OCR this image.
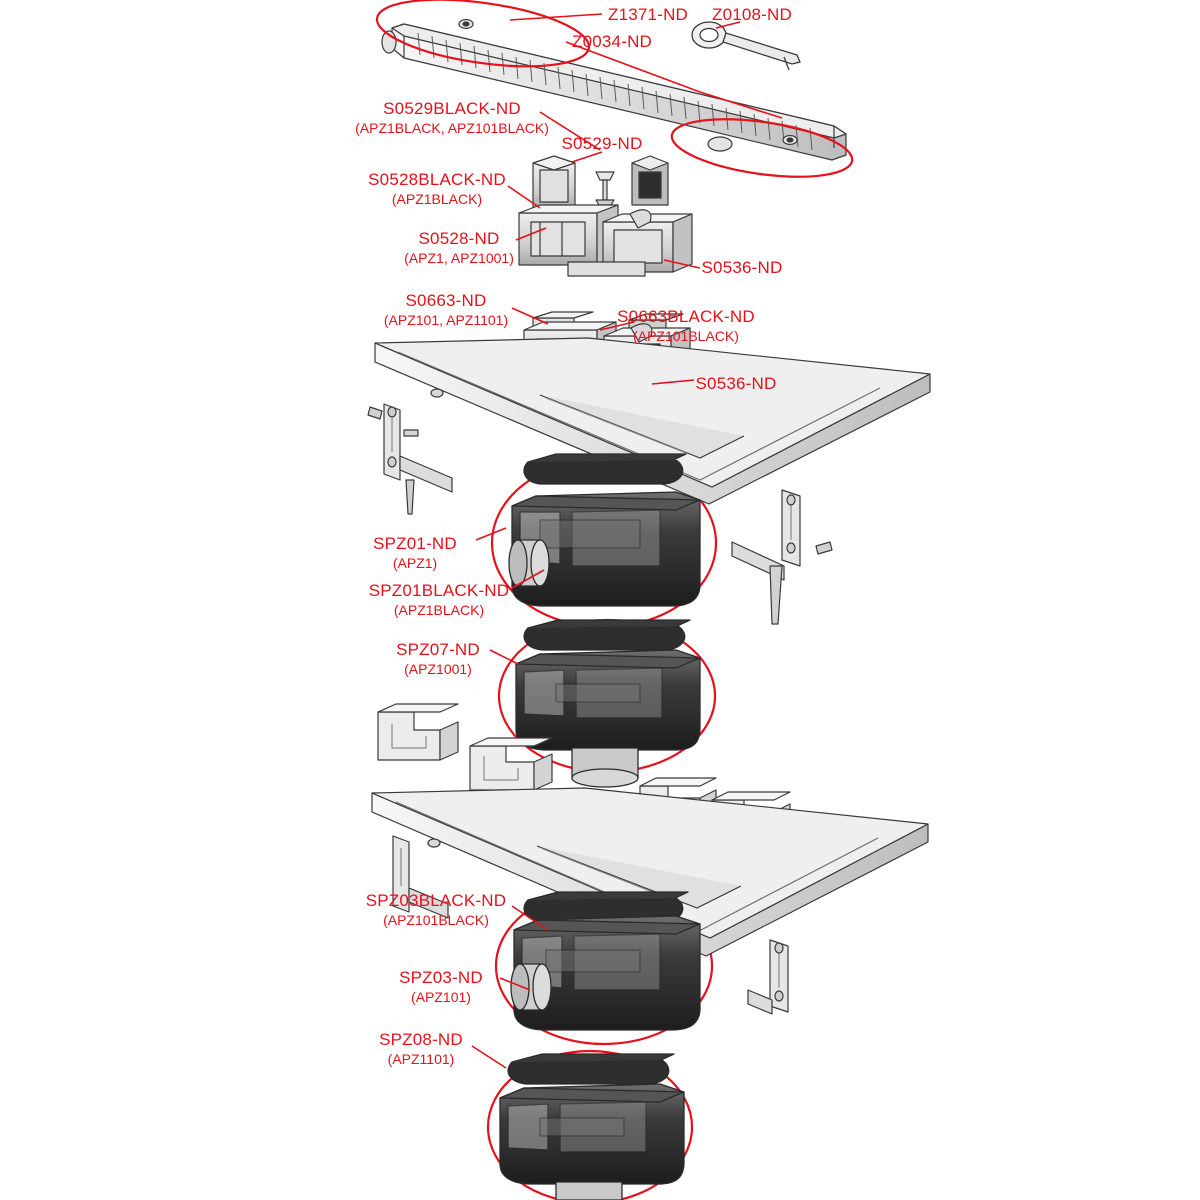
Z1371-ND Z0108-ND
Z0034-ND
S0529BLACK-ND
(APZ1BLACK, APZ101BLACK)
S0529-ND
S0528BLACK-ND
(APZ1BLACK)
S0528-ND
(APZ1, APZ1001)
S0536-ND
S0663-ND
(APZ101, APZ1101)	S0663BLACK-ND
(APZ101BLACK)
S0536-ND
SPZ01-ND
(APZ1)
SPZ01BLACK-ND
(APZ1BLACK)
SPZ07-ND
(APZ1001)
SPZ03BLACK-ND
(APZ101BLACK)
SPZ03-ND
(APZ101)
SPZ08-ND
(APZ1101)
